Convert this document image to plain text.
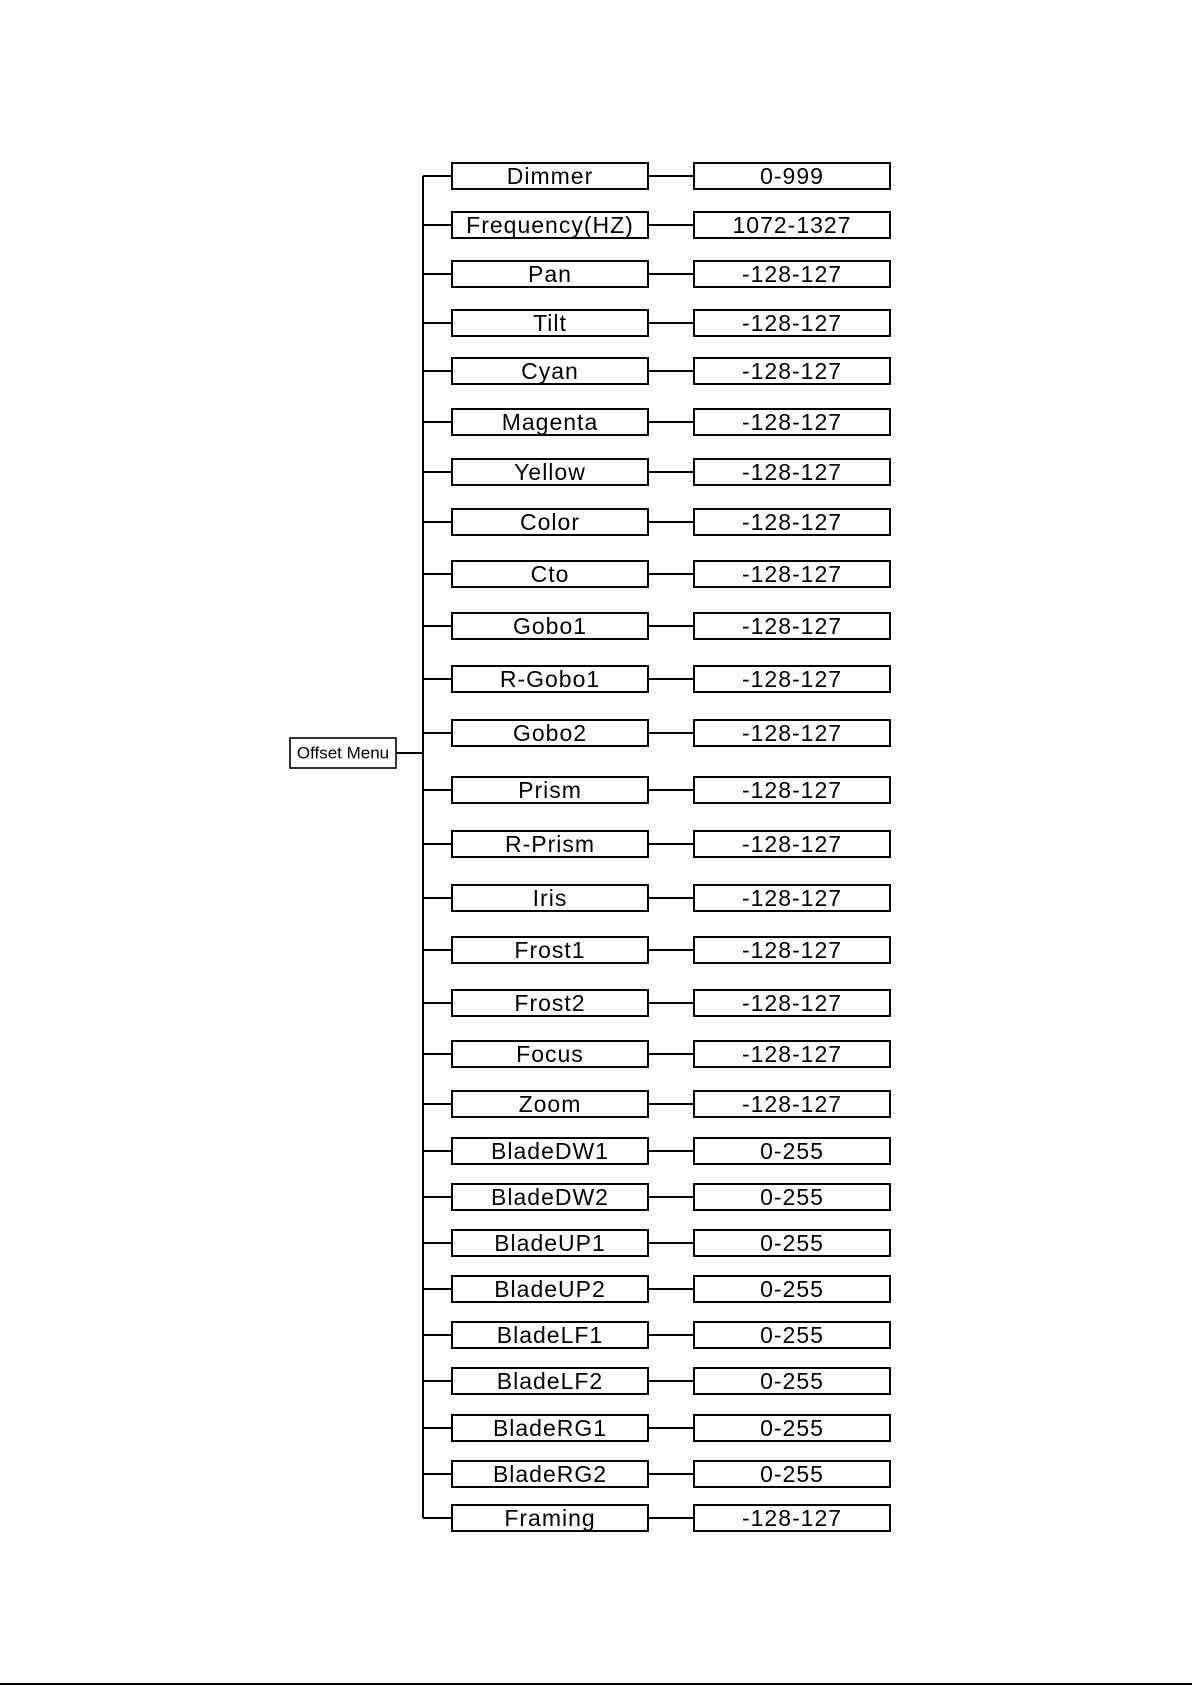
Offset Menu
Dimmer	0-999
Frequency(HZ)	1072-1327
Pan	-128-127
Tilt	-128-127
Cyan	-128-127
Magenta	-128-127
Yellow	-128-127
Color	-128-127
Cto	-128-127
Gobo1	-128-127
R-Gobo1	-128-127
Gobo2	-128-127
Prism	-128-127
R-Prism	-128-127
Iris	-128-127
Frost1	-128-127
Frost2	-128-127
Focus	-128-127
Zoom	-128-127
BladeDW1	0-255
BladeDW2	0-255
BladeUP1	0-255
BladeUP2	0-255
BladeLF1	0-255
BladeLF2	0-255
BladeRG1	0-255
BladeRG2	0-255
Framing	-128-127
